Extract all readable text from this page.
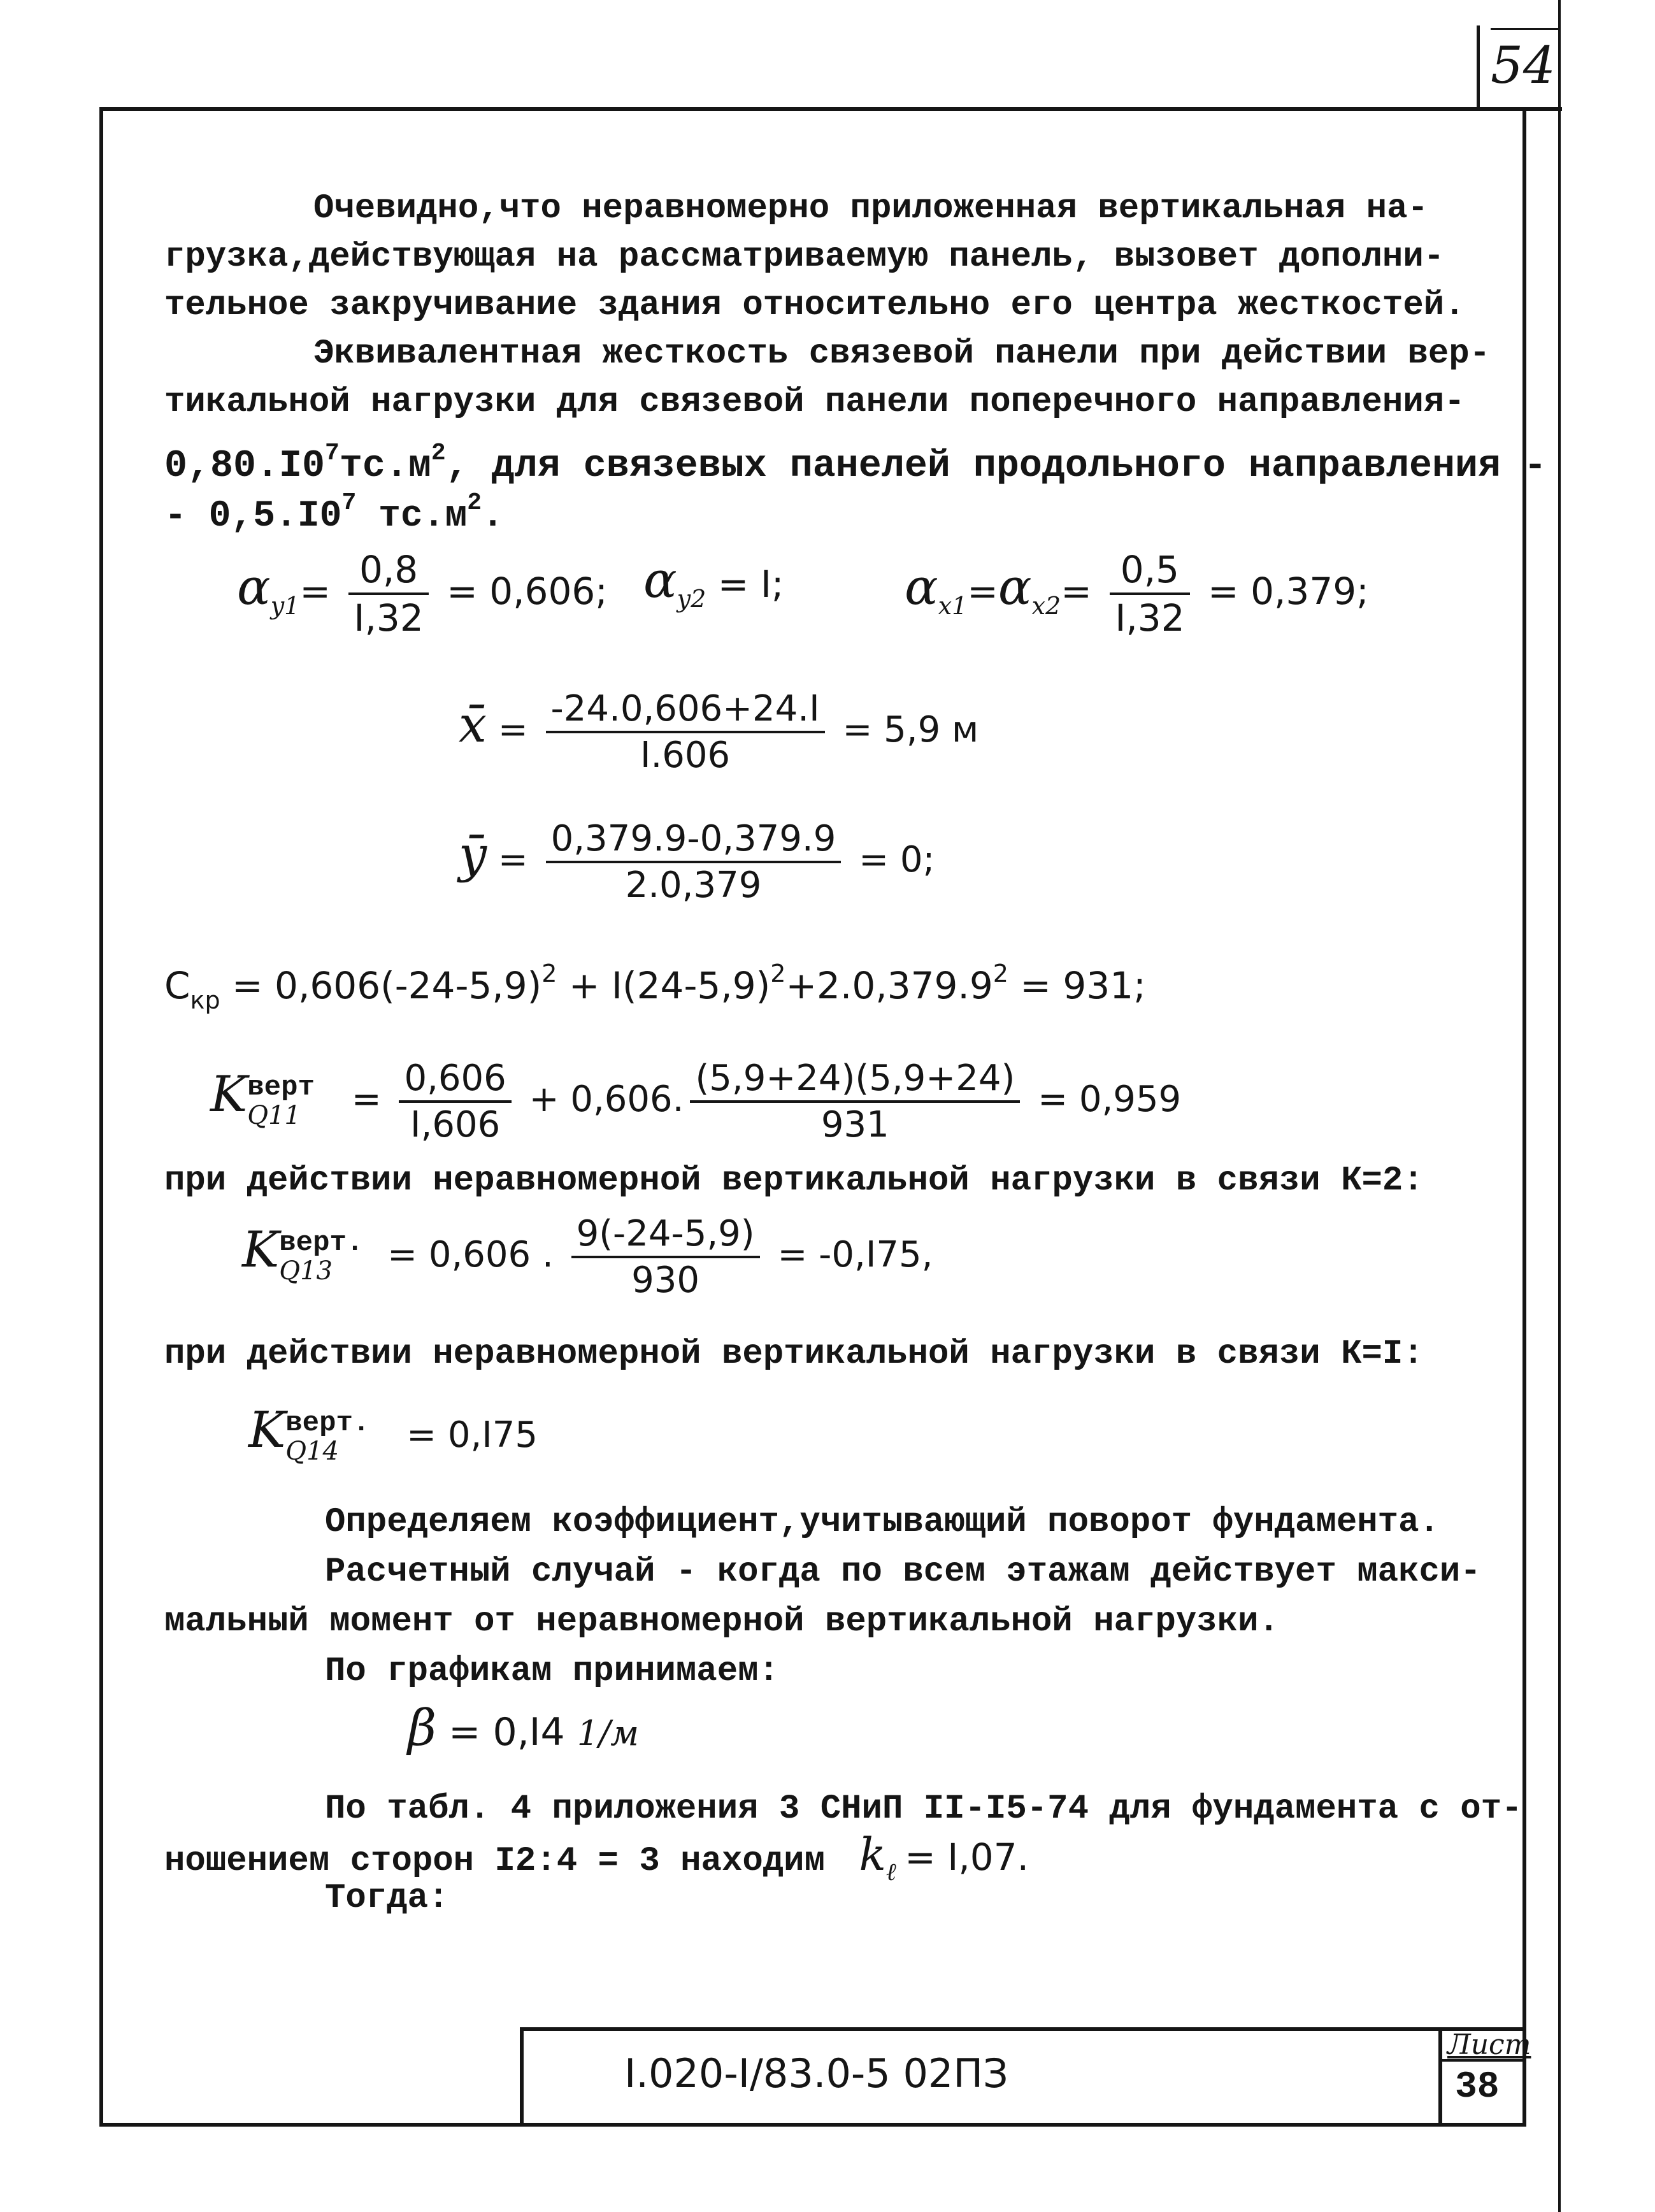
54
Очевидно,что неравномерно приложенная вертикальная на-
грузка,действующая на рассматриваемую панель, вызовет дополни-
тельное закручивание здания относительно его центра жесткостей.
Эквивалентная жесткость связевой панели при действии вер-
тикальной нагрузки для связевой панели поперечного направления-
$0,80.I0^7тс.м^2$, для связевых панелей продольного направления -
- $0,5.I0^7$ $тс.м^2$.
$\alpha_{y1}= \frac{0,8}{I,32} = 0,606$; $\alpha_{y2} = I$; $\alpha_{x1}=\alpha_{x2}= \frac{0,5}{I,32} = 0,379$;
x̄ = $\frac{-24.0,606+24.I}{I.606} = 5,9$ м
ȳ = $\frac{0,379.9-0,379.9}{2.0,379} = 0$;
$C_{кр} = 0,606(-24-5,9)^2 + I(24-5,9)^2+2.0,379.9^2 = 931$;
K верт
Q11	= $\frac{0,606}{I,606} + 0,606$. $\frac{(5,9+24)(5,9+24)}{931} = 0,959$
при действии неравномерной вертикальной нагрузки в связи К=2:
K верт.
Q13	= 0,606 . $\frac{9(-24-5,9)}{930} = -0,I75$,
при действии неравномерной вертикальной нагрузки в связи К=I:
K верт.
Q14	= 0,I75
Определяем коэффициент,учитывающий поворот фундамента.
Расчетный случай - когда по всем этажам действует макси-
мальный момент от неравномерной вертикальной нагрузки.
По графикам принимаем:
β = 0,I4 1/м
По табл. 4 приложения 3 СНиП II-I5-74 для фундамента с от-
ношением сторон I2:4 = 3 находим $k_\ell = I,07$.
Тогда:
I.020-I/83.0-5 02ПЗ
Лист
38
